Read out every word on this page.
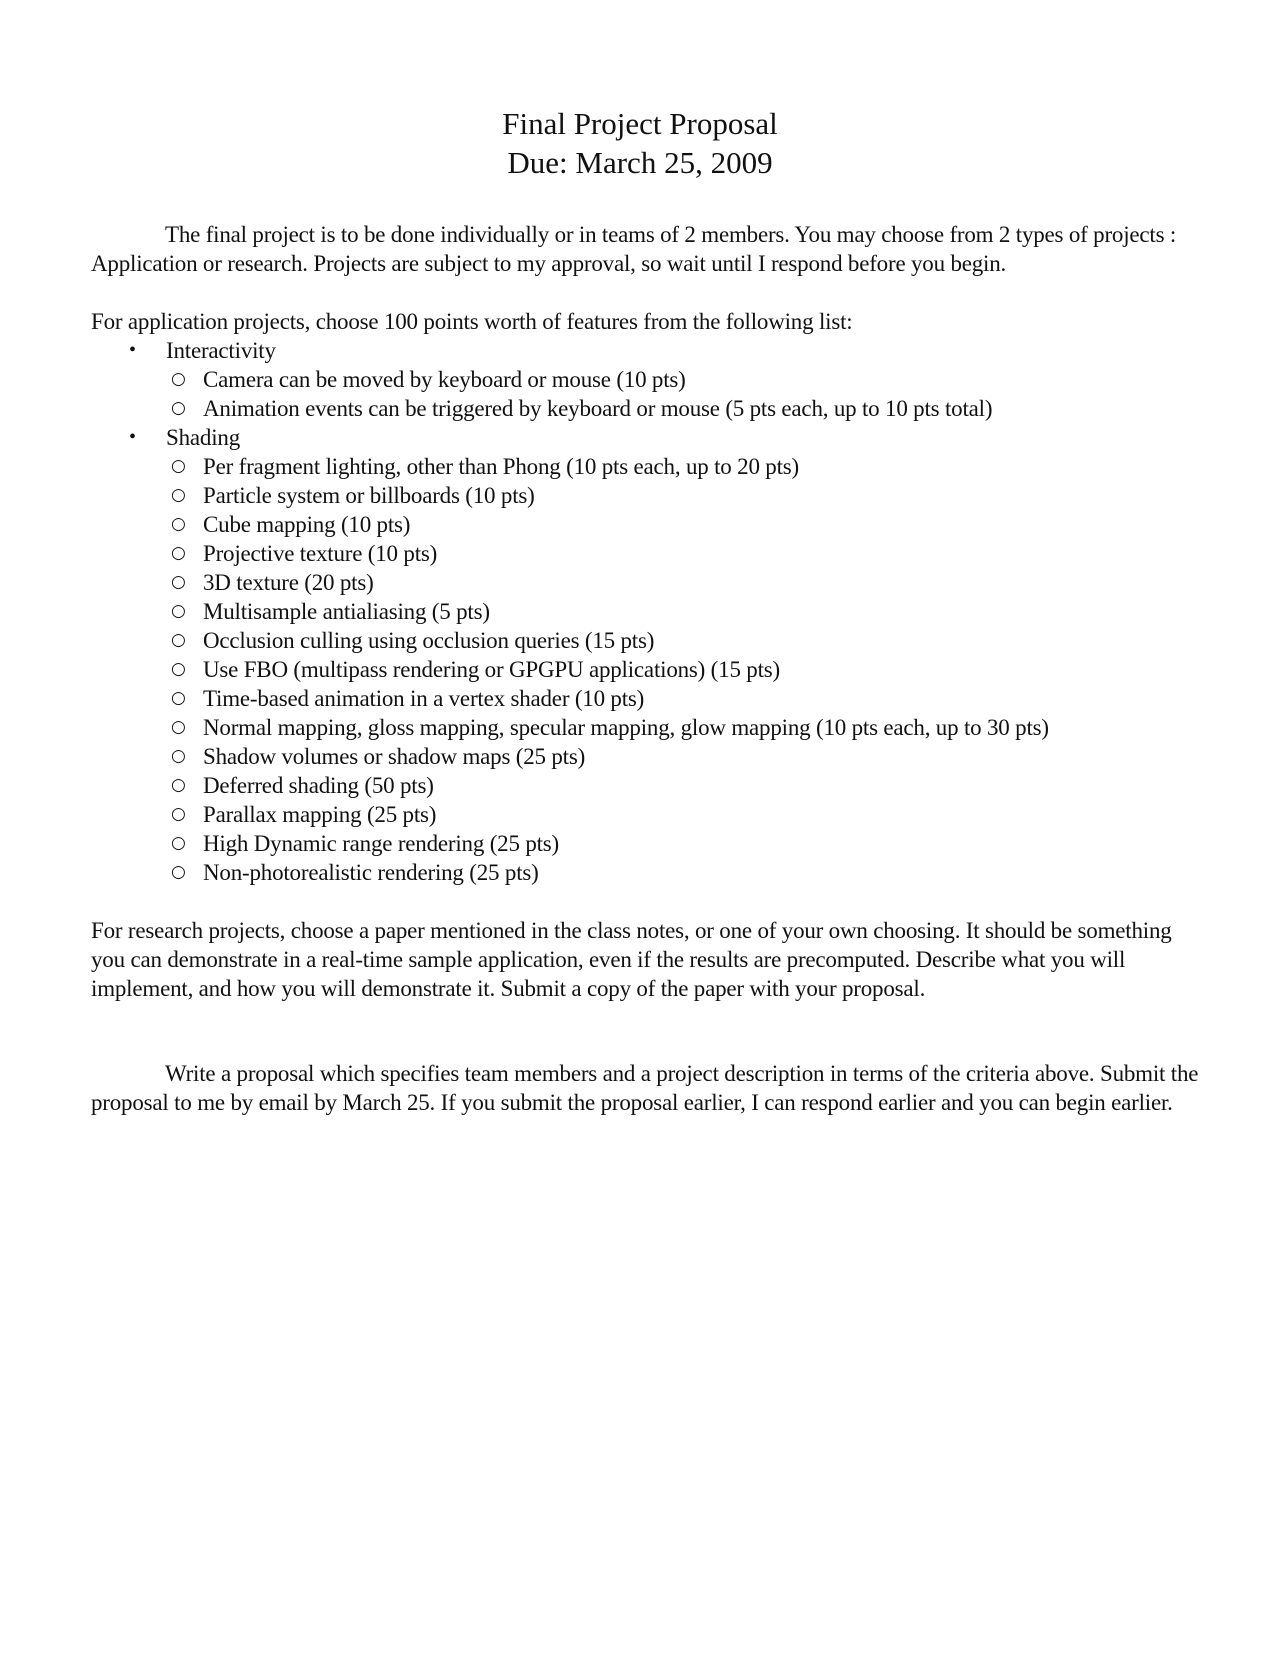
Final Project Proposal
Due: March 25, 2009

The final project is to be done individually or in teams of 2 members. You may choose from 2 types of projects : Application or research. Projects are subject to my approval, so wait until I respond before you begin.

For application projects, choose 100 points worth of features from the following list:

• Interactivity
○ Camera can be moved by keyboard or mouse (10 pts)
○ Animation events can be triggered by keyboard or mouse (5 pts each, up to 10 pts total)
• Shading
○ Per fragment lighting, other than Phong (10 pts each, up to 20 pts)
○ Particle system or billboards (10 pts)
○ Cube mapping (10 pts)
○ Projective texture (10 pts)
○ 3D texture (20 pts)
○ Multisample antialiasing (5 pts)
○ Occlusion culling using occlusion queries (15 pts)
○ Use FBO (multipass rendering or GPGPU applications) (15 pts)
○ Time-based animation in a vertex shader (10 pts)
○ Normal mapping, gloss mapping, specular mapping, glow mapping (10 pts each, up to 30 pts)
○ Shadow volumes or shadow maps (25 pts)
○ Deferred shading (50 pts)
○ Parallax mapping (25 pts)
○ High Dynamic range rendering (25 pts)
○ Non-photorealistic rendering (25 pts)

For research projects, choose a paper mentioned in the class notes, or one of your own choosing. It should be something you can demonstrate in a real-time sample application, even if the results are precomputed. Describe what you will implement, and how you will demonstrate it. Submit a copy of the paper with your proposal.

Write a proposal which specifies team members and a project description in terms of the criteria above. Submit the proposal to me by email by March 25. If you submit the proposal earlier, I can respond earlier and you can begin earlier.
